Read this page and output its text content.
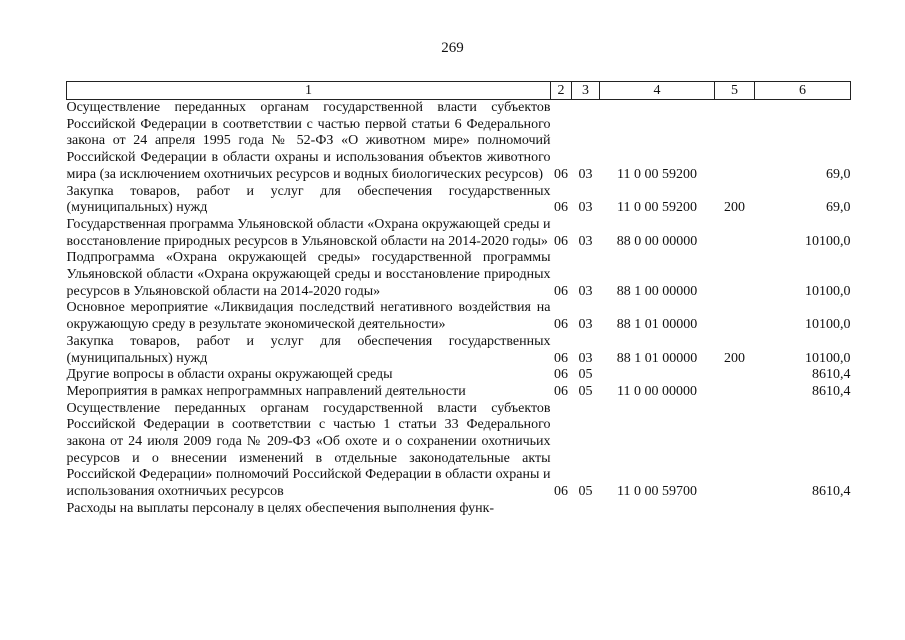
269
1	2	3	4	5	6
Осуществление переданных органам государственной власти субъектов Российской Федерации в соответствии с частью первой статьи 6 Федерального закона от 24 апреля 1995 года № 52-ФЗ «О животном мире» полномочий Российской Федерации в области охраны и использования объектов животного мира (за исключением охотничьих ресурсов и водных биологических ресурсов)	06	03	11 0 00 59200		69,0
Закупка товаров, работ и услуг для обеспечения государственных (муниципальных) нужд	06	03	11 0 00 59200	200	69,0
Государственная программа Ульяновской области «Охрана окружающей среды и восстановление природных ресурсов в Ульяновской области на 2014-2020 годы»	06	03	88 0 00 00000		10100,0
Подпрограмма «Охрана окружающей среды» государственной программы Ульяновской области «Охрана окружающей среды и восстановление природных ресурсов в Ульяновской области на 2014-2020 годы»	06	03	88 1 00 00000		10100,0
Основное мероприятие «Ликвидация последствий негативного воздействия на окружающую среду в результате экономической деятельности»	06	03	88 1 01 00000		10100,0
Закупка товаров, работ и услуг для обеспечения государственных (муниципальных) нужд	06	03	88 1 01 00000	200	10100,0
Другие вопросы в области охраны окружающей среды	06	05			8610,4
Мероприятия в рамках непрограммных направлений деятельности	06	05	11 0 00 00000		8610,4
Осуществление переданных органам государственной власти субъектов Российской Федерации в соответствии с частью 1 статьи 33 Федерального закона от 24 июля 2009 года № 209-ФЗ «Об охоте и о сохранении охотничьих ресурсов и о внесении изменений в отдельные законодательные акты Российской Федерации» полномочий Российской Федерации в области охраны и использования охотничьих ресурсов	06	05	11 0 00 59700		8610,4
Расходы на выплаты персоналу в целях обеспечения выполнения функ-					
